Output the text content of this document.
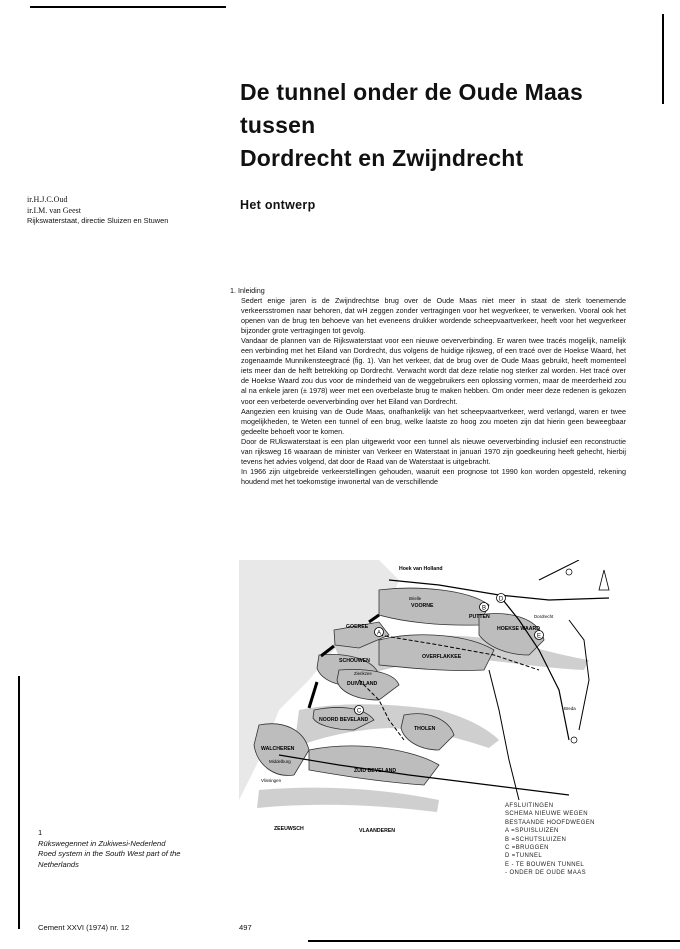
De tunnel onder de Oude Maas
tussen
Dordrecht en Zwijndrecht
ir.H.J.C.Oud
ir.I.M. van Geest
Rijkswaterstaat, directie Sluizen en Stuwen
Het ontwerp
1. Inleiding

Sedert enige jaren is de Zwijndrechtse brug over de Oude Maas niet meer in staat de sterk toenemende verkeersstromen naar behoren, dat wH zeggen zonder vertragingen voor het wegverkeer, te verwerken. Vooral ook het openen van de brug ten behoeve van het eveneens drukker wordende scheepvaartverkeer, heeft voor het wegverkeer bijzonder grote vertragingen tot gevolg.

Vandaar de plannen van de Rijkswaterstaat voor een nieuwe oeververbinding. Er waren twee tracés mogelijk, namelijk een verbinding met het Eiland van Dordrecht, dus volgens de huidige rijksweg, of een tracé over de Hoekse Waard, het zogenaamde Munnikensteegtracé (fig. 1). Van het verkeer, dat de brug over de Oude Maas gebruikt, heeft momenteel iets meer dan de helft betrekking op Dordrecht. Verwacht wordt dat deze relatie nog sterker zal worden. Het tracé over de Hoekse Waard zou dus voor de minderheid van de weggebruikers een oplossing vormen, maar de meerderheid zou al na enkele jaren (± 1978) weer met een overbelaste brug te maken hebben. Om onder meer deze redenen is gekozen voor een verbeterde oeververbinding over het Eiland van Dordrecht.

Aangezien een kruising van de Oude Maas, onafhankelijk van het scheepvaartverkeer, werd verlangd, waren er twee mogelijkheden, te Weten een tunnel of een brug, welke laatste zo hoog zou moeten zijn dat hierin geen beweegbaar gedeelte behoeft voor te komen.

Door de RUkswaterstaat is een plan uitgewerkt voor een tunnel als nieuwe oeververbinding inclusief een reconstructie van rijksweg 16 waaraan de minister van Verkeer en Waterstaat in januari 1970 zijn goedkeuring heeft gehecht, hierbij tevens het advies volgend, dat door de Raad van de Waterstaat is uitgebracht.

In 1966 zijn uitgebreide verkeerstellingen gehouden, waaruit een prognose tot 1990 kon worden opgesteld, rekening houdend met het toekomstige inwonertal van de verschillende

A
B
C
D
E
Hoek van Holland
VOORNE
PUTTEN
GOEREE	HOEKSE WAARD
SCHOUWEN
OVERFLAKKEE
DUIVELAND
NOORD BEVELAND
THOLEN
WALCHEREN
ZUID BEVELAND
ZEEUWSCH	VLAANDEREN
Brielle
Breda
Middelburg
Vlissingen
Zierikzee
Dordrecht
AFSLUITINGEN
SCHEMA NIEUWE WEGEN
BESTAANDE HOOFDWEGEN
A =SPUISLUIZEN
B =SCHUTSLUIZEN
C =BRUGGEN
D =TUNNEL
E - TE BOUWEN TUNNEL
- ONDER DE OUDE MAAS
1
Rükswegennet in Zukiwesi-Nederlend
Roed system in the South West part of the
Netherlands
Cement XXVI (1974) nr. 12	497
